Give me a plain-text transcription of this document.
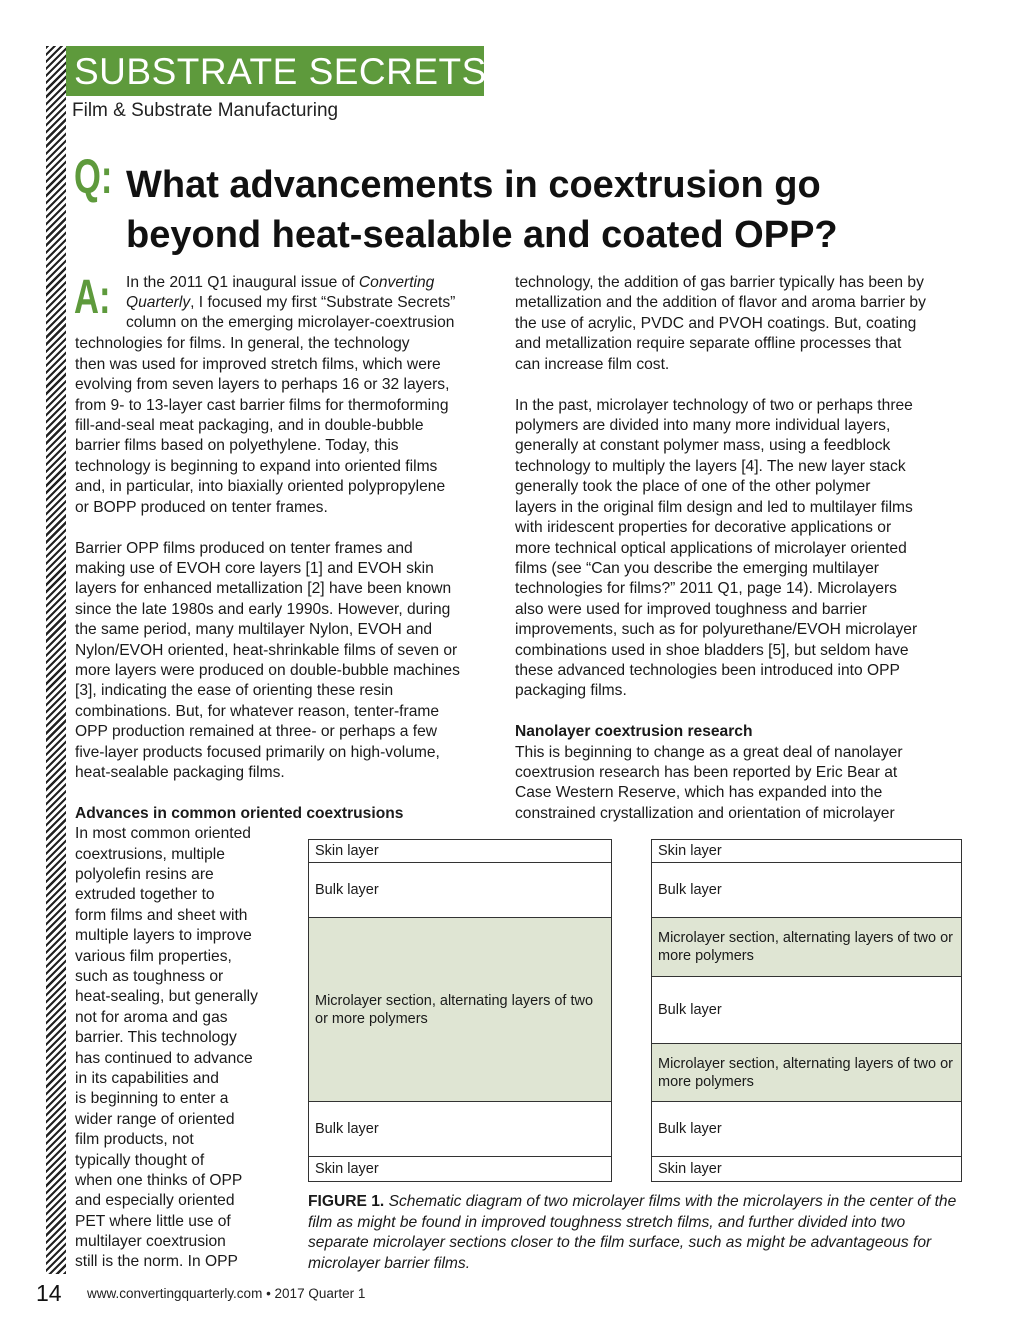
SUBSTRATE SECRETS
Film & Substrate Manufacturing
Q: What advancements in coextrusion go
beyond heat-sealable and coated OPP?
A: In the 2011 Q1 inaugural issue of Converting
Quarterly, I focused my first “Substrate Secrets”
column on the emerging microlayer-coextrusion
technologies for films. In general, the technology
then was used for improved stretch films, which were
evolving from seven layers to perhaps 16 or 32 layers,
from 9- to 13-layer cast barrier films for thermoforming
fill-and-seal meat packaging, and in double-bubble
barrier films based on polyethylene. Today, this
technology is beginning to expand into oriented films
and, in particular, into biaxially oriented polypropylene
or BOPP produced on tenter frames.
Barrier OPP films produced on tenter frames and
making use of EVOH core layers [1] and EVOH skin
layers for enhanced metallization [2] have been known
since the late 1980s and early 1990s. However, during
the same period, many multilayer Nylon, EVOH and
Nylon/EVOH oriented, heat-shrinkable films of seven or
more layers were produced on double-bubble machines
[3], indicating the ease of orienting these resin
combinations. But, for whatever reason, tenter-frame
OPP production remained at three- or perhaps a few
five-layer products focused primarily on high-volume,
heat-sealable packaging films.
Advances in common oriented coextrusions
In most common oriented
coextrusions, multiple
polyolefin resins are
extruded together to
form films and sheet with
multiple layers to improve
various film properties,
such as toughness or
heat-sealing, but generally
not for aroma and gas
barrier. This technology
has continued to advance
in its capabilities and
is beginning to enter a
wider range of oriented
film products, not
typically thought of
when one thinks of OPP
and especially oriented
PET where little use of
multilayer coextrusion
still is the norm. In OPP
technology, the addition of gas barrier typically has been by
metallization and the addition of flavor and aroma barrier by
the use of acrylic, PVDC and PVOH coatings. But, coating
and metallization require separate offline processes that
can increase film cost.
In the past, microlayer technology of two or perhaps three
polymers are divided into many more individual layers,
generally at constant polymer mass, using a feedblock
technology to multiply the layers [4]. The new layer stack
generally took the place of one of the other polymer
layers in the original film design and led to multilayer films
with iridescent properties for decorative applications or
more technical optical applications of microlayer oriented
films (see “Can you describe the emerging multilayer
technologies for films?” 2011 Q1, page 14). Microlayers
also were used for improved toughness and barrier
improvements, such as for polyurethane/EVOH microlayer
combinations used in shoe bladders [5], but seldom have
these advanced technologies been introduced into OPP
packaging films.
Nanolayer coextrusion research
This is beginning to change as a great deal of nanolayer
coextrusion research has been reported by Eric Bear at
Case Western Reserve, which has expanded into the
constrained crystallization and orientation of microlayer
Skin layer
Bulk layer
Microlayer section, alternating layers of two or more polymers
Bulk layer
Skin layer
Skin layer
Bulk layer
Microlayer section, alternating layers of two or more polymers
Bulk layer
Microlayer section, alternating layers of two or more polymers
Bulk layer
Skin layer
FIGURE 1. Schematic diagram of two microlayer films with the microlayers in the center of the film as might be found in improved toughness stretch films, and further divided into two separate microlayer sections closer to the film surface, such as might be advantageous for microlayer barrier films.
14 www.convertingquarterly.com • 2017 Quarter 1
